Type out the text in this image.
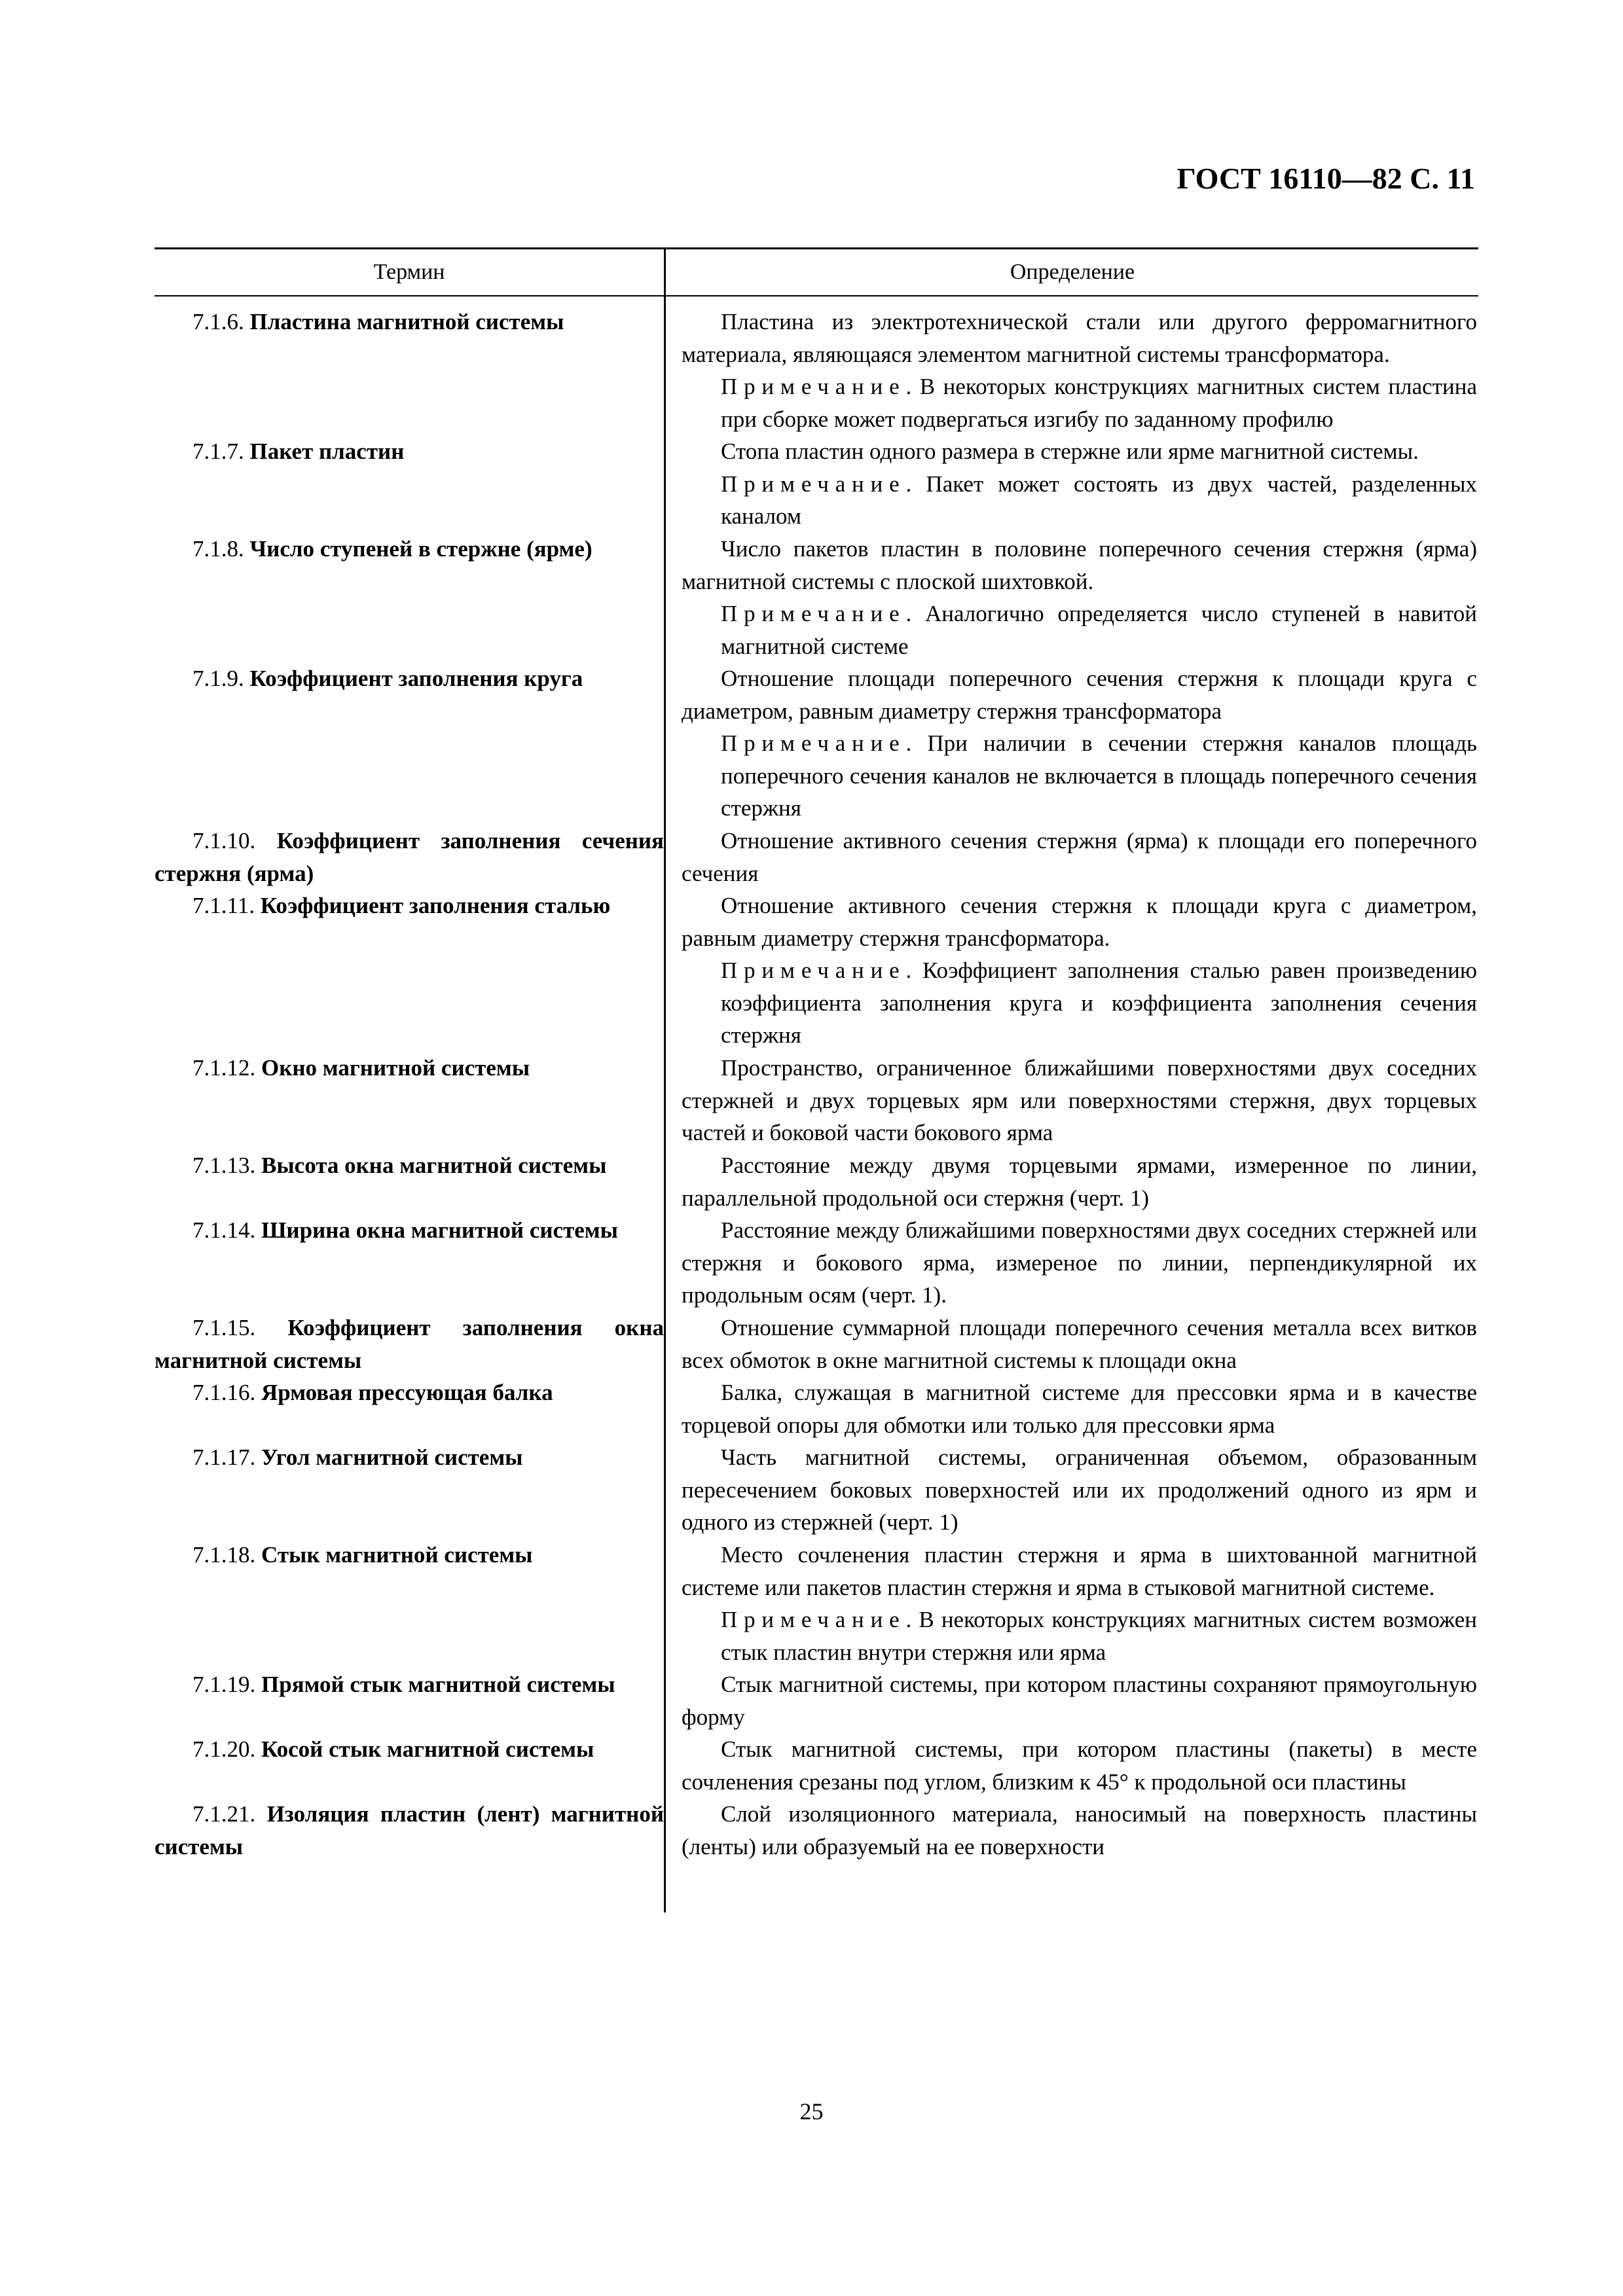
ГОСТ 16110—82 С. 11
Термин	Определение
7.1.6. Пластина магнитной системы
7.1.7. Пакет пластин
7.1.8. Число ступеней в стержне (ярме)
7.1.9. Коэффициент заполнения круга
7.1.10. Коэффициент заполнения сечения стержня (ярма)
7.1.11. Коэффициент заполнения сталью
7.1.12. Окно магнитной системы
7.1.13. Высота окна магнитной системы
7.1.14. Ширина окна магнитной системы
7.1.15. Коэффициент заполнения окна магнитной системы
7.1.16. Ярмовая прессующая балка
7.1.17. Угол магнитной системы
7.1.18. Стык магнитной системы
7.1.19. Прямой стык магнитной системы
7.1.20. Косой стык магнитной системы
7.1.21. Изоляция пластин (лент) магнитной системы

Пластина из электротехнической стали или другого ферромагнитного материала, являющаяся элементом магнитной системы трансформатора.

Примечание. В некоторых конструкциях магнитных систем пластина при сборке может подвергаться изгибу по заданному профилю

Стопа пластин одного размера в стержне или ярме магнитной системы.

Примечание. Пакет может состоять из двух частей, разделенных каналом

Число пакетов пластин в половине поперечного сечения стержня (ярма) магнитной системы с плоской шихтовкой.

Примечание. Аналогично определяется число ступеней в навитой магнитной системе

Отношение площади поперечного сечения стержня к площади круга с диаметром, равным диаметру стержня трансформатора

Примечание. При наличии в сечении стержня каналов площадь поперечного сечения каналов не включается в площадь поперечного сечения стержня

Отношение активного сечения стержня (ярма) к площади его поперечного сечения

Отношение активного сечения стержня к площади круга с диаметром, равным диаметру стержня трансформатора.

Примечание. Коэффициент заполнения сталью равен произведению коэффициента заполнения круга и коэффициента заполнения сечения стержня

Пространство, ограниченное ближайшими поверхностями двух соседних стержней и двух торцевых ярм или поверхностями стержня, двух торцевых частей и боковой части бокового ярма

Расстояние между двумя торцевыми ярмами, измеренное по линии, параллельной продольной оси стержня (черт. 1)

Расстояние между ближайшими поверхностями двух соседних стержней или стержня и бокового ярма, измереное по линии, перпендикулярной их продольным осям (черт. 1).

Отношение суммарной площади поперечного сечения металла всех витков всех обмоток в окне магнитной системы к площади окна

Балка, служащая в магнитной системе для прессовки ярма и в качестве торцевой опоры для обмотки или только для прессовки ярма

Часть магнитной системы, ограниченная объемом, образованным пересечением боковых поверхностей или их продолжений одного из ярм и одного из стержней (черт. 1)

Место сочленения пластин стержня и ярма в шихтованной магнитной системе или пакетов пластин стержня и ярма в стыковой магнитной системе.

Примечание. В некоторых конструкциях магнитных систем возможен стык пластин внутри стержня или ярма

Стык магнитной системы, при котором пластины сохраняют прямоугольную форму

Стык магнитной системы, при котором пластины (пакеты) в месте сочленения срезаны под углом, близким к 45° к продольной оси пластины

Слой изоляционного материала, наносимый на поверхность пластины (ленты) или образуемый на ее поверхности

25
